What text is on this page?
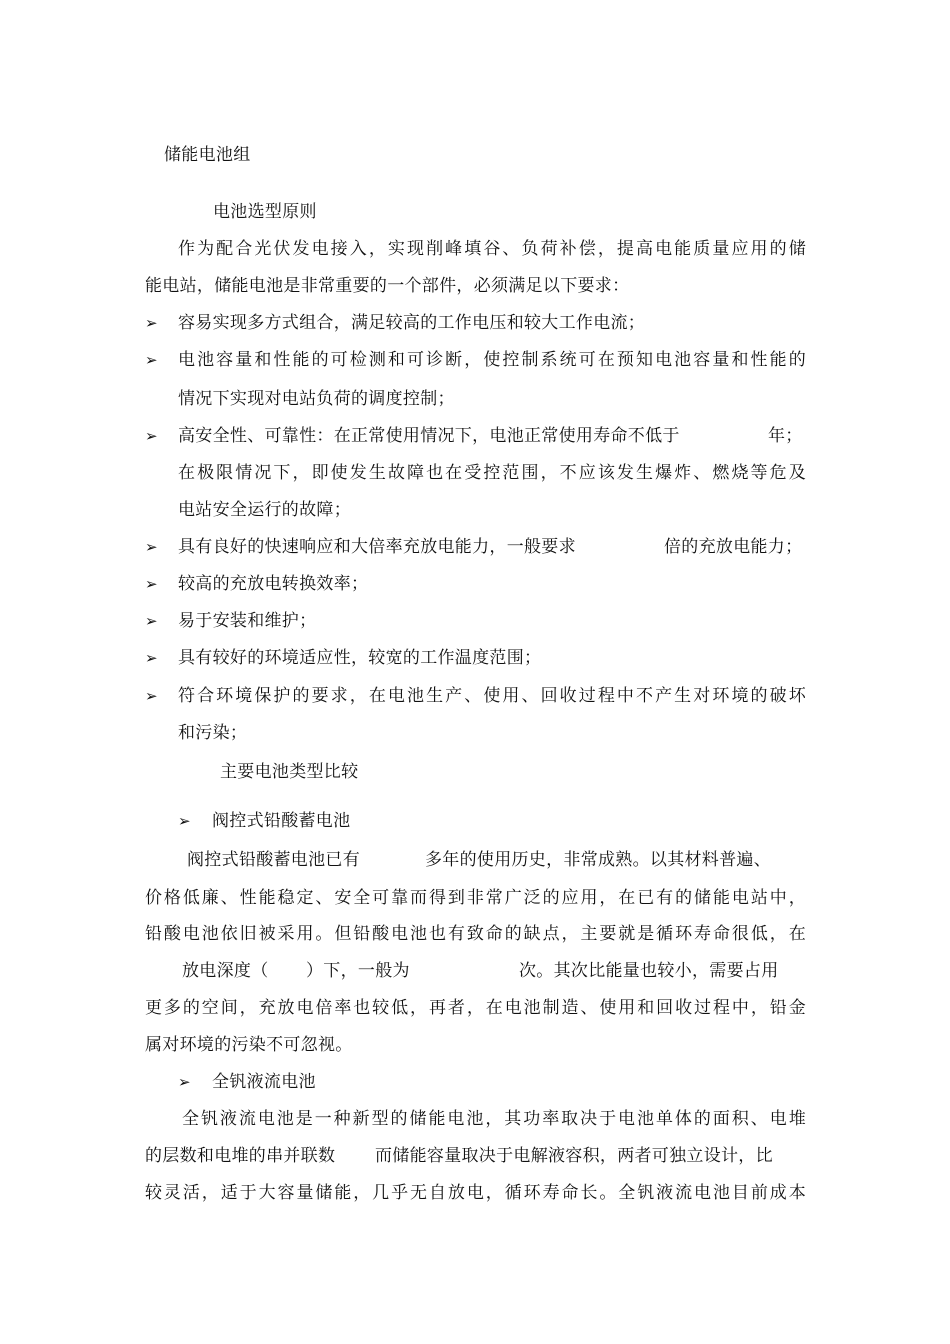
储能电池组
电池选型原则
作为配合光伏发电接入，实现削峰填谷、负荷补偿，提高电能质量应用的储
能电站，储能电池是非常重要的一个部件，必须满足以下要求：
➢ 容易实现多方式组合，满足较高的工作电压和较大工作电流；
➢ 电池容量和性能的可检测和可诊断，使控制系统可在预知电池容量和性能的
情况下实现对电站负荷的调度控制；
➢ 高安全性、可靠性：在正常使用情况下，电池正常使用寿命不低于	年；
在极限情况下，即使发生故障也在受控范围，不应该发生爆炸、燃烧等危及
电站安全运行的故障；
➢ 具有良好的快速响应和大倍率充放电能力，一般要求	倍的充放电能力；
➢ 较高的充放电转换效率；
➢ 易于安装和维护；
➢ 具有较好的环境适应性，较宽的工作温度范围；
➢ 符合环境保护的要求，在电池生产、使用、回收过程中不产生对环境的破坏
和污染；
主要电池类型比较
➢ 阀控式铅酸蓄电池
阀控式铅酸蓄电池已有	多年的使用历史，非常成熟。以其材料普遍、
价格低廉、性能稳定、安全可靠而得到非常广泛的应用，在已有的储能电站中，
铅酸电池依旧被采用。但铅酸电池也有致命的缺点，主要就是循环寿命很低，在
放电深度（ ）下，一般为	次。其次比能量也较小，需要占用
更多的空间，充放电倍率也较低，再者，在电池制造、使用和回收过程中，铅金
属对环境的污染不可忽视。
➢ 全钒液流电池
全钒液流电池是一种新型的储能电池，其功率取决于电池单体的面积、电堆
的层数和电堆的串并联数 而储能容量取决于电解液容积，两者可独立设计，比
较灵活，适于大容量储能，几乎无自放电，循环寿命长。全钒液流电池目前成本
